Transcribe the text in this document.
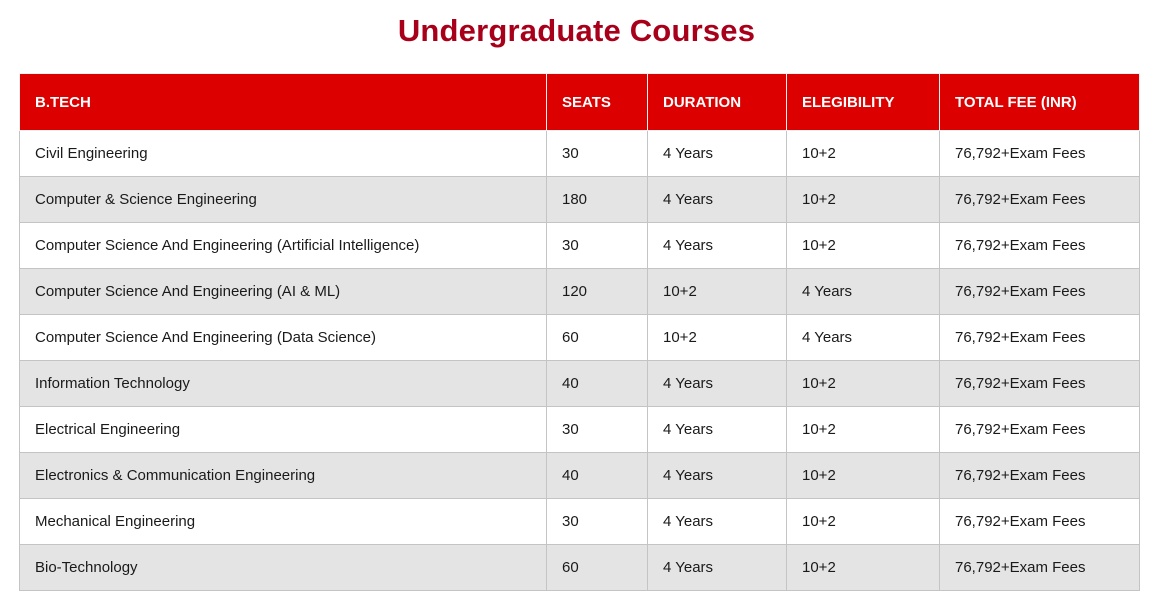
Undergraduate Courses
B.TECH	SEATS	DURATION	ELEGIBILITY	TOTAL FEE (INR)
Civil Engineering	30	4 Years	10+2	76,792+Exam Fees
Computer & Science Engineering	180	4 Years	10+2	76,792+Exam Fees
Computer Science And Engineering (Artificial Intelligence)	30	4 Years	10+2	76,792+Exam Fees
Computer Science And Engineering (AI & ML)	120	10+2	4 Years	76,792+Exam Fees
Computer Science And Engineering (Data Science)	60	10+2	4 Years	76,792+Exam Fees
Information Technology	40	4 Years	10+2	76,792+Exam Fees
Electrical Engineering	30	4 Years	10+2	76,792+Exam Fees
Electronics & Communication Engineering	40	4 Years	10+2	76,792+Exam Fees
Mechanical Engineering	30	4 Years	10+2	76,792+Exam Fees
Bio-Technology	60	4 Years	10+2	76,792+Exam Fees
